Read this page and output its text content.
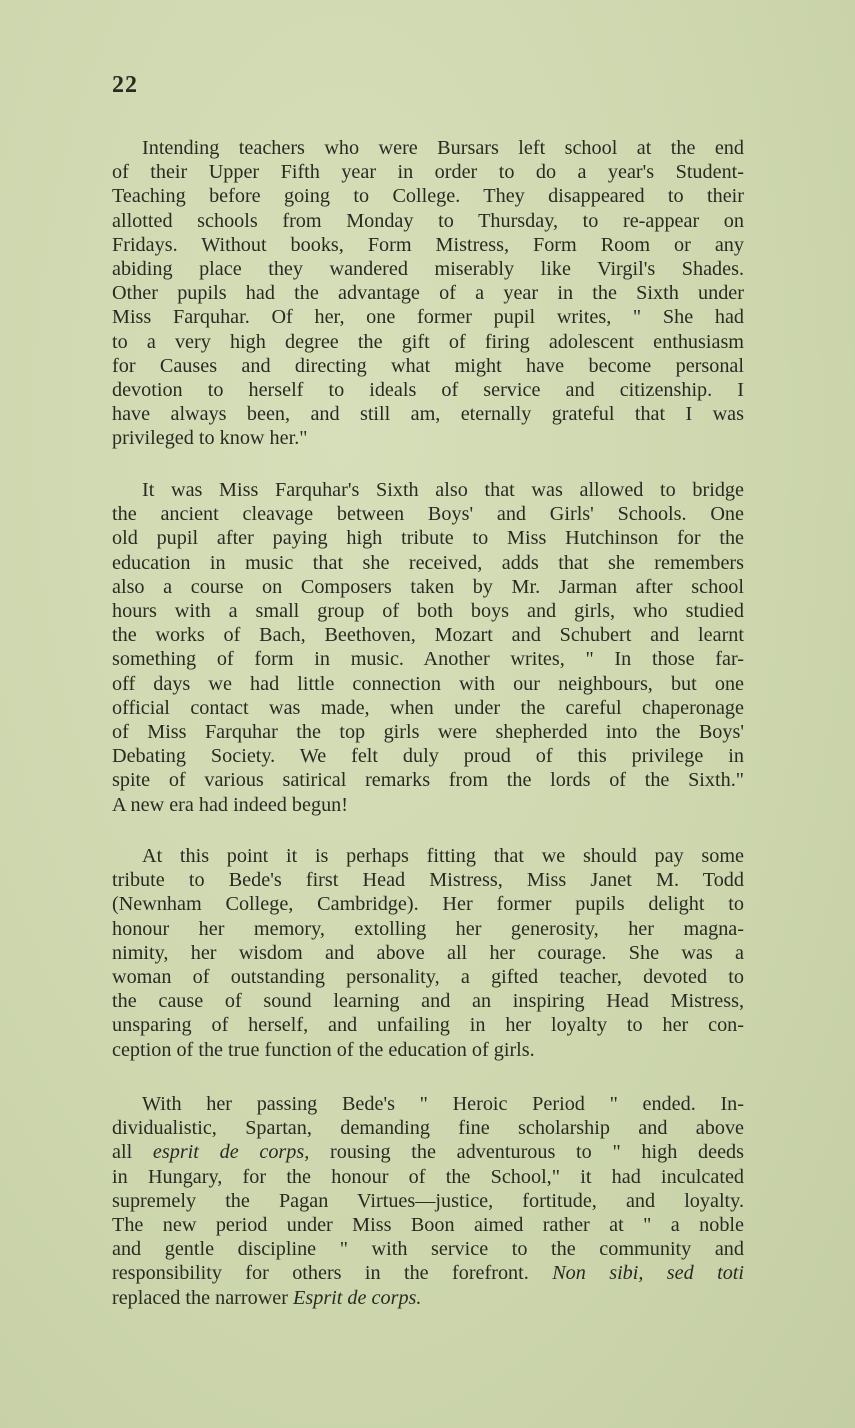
22
Intending teachers who were Bursars left school at the end
of their Upper Fifth year in order to do a year's Student-
Teaching before going to College. They disappeared to their
allotted schools from Monday to Thursday, to re-appear on
Fridays. Without books, Form Mistress, Form Room or any
abiding place they wandered miserably like Virgil's Shades.
Other pupils had the advantage of a year in the Sixth under
Miss Farquhar. Of her, one former pupil writes, " She had
to a very high degree the gift of firing adolescent enthusiasm
for Causes and directing what might have become personal
devotion to herself to ideals of service and citizenship. I
have always been, and still am, eternally grateful that I was
privileged to know her."
It was Miss Farquhar's Sixth also that was allowed to bridge
the ancient cleavage between Boys' and Girls' Schools. One
old pupil after paying high tribute to Miss Hutchinson for the
education in music that she received, adds that she remembers
also a course on Composers taken by Mr. Jarman after school
hours with a small group of both boys and girls, who studied
the works of Bach, Beethoven, Mozart and Schubert and learnt
something of form in music. Another writes, " In those far-
off days we had little connection with our neighbours, but one
official contact was made, when under the careful chaperonage
of Miss Farquhar the top girls were shepherded into the Boys'
Debating Society. We felt duly proud of this privilege in
spite of various satirical remarks from the lords of the Sixth."
A new era had indeed begun!
At this point it is perhaps fitting that we should pay some
tribute to Bede's first Head Mistress, Miss Janet M. Todd
(Newnham College, Cambridge). Her former pupils delight to
honour her memory, extolling her generosity, her magna-
nimity, her wisdom and above all her courage. She was a
woman of outstanding personality, a gifted teacher, devoted to
the cause of sound learning and an inspiring Head Mistress,
unsparing of herself, and unfailing in her loyalty to her con-
ception of the true function of the education of girls.
With her passing Bede's " Heroic Period " ended. In-
dividualistic, Spartan, demanding fine scholarship and above
all esprit de corps, rousing the adventurous to " high deeds
in Hungary, for the honour of the School," it had inculcated
supremely the Pagan Virtues—justice, fortitude, and loyalty.
The new period under Miss Boon aimed rather at " a noble
and gentle discipline " with service to the community and
responsibility for others in the forefront. Non sibi, sed toti
replaced the narrower Esprit de corps.
